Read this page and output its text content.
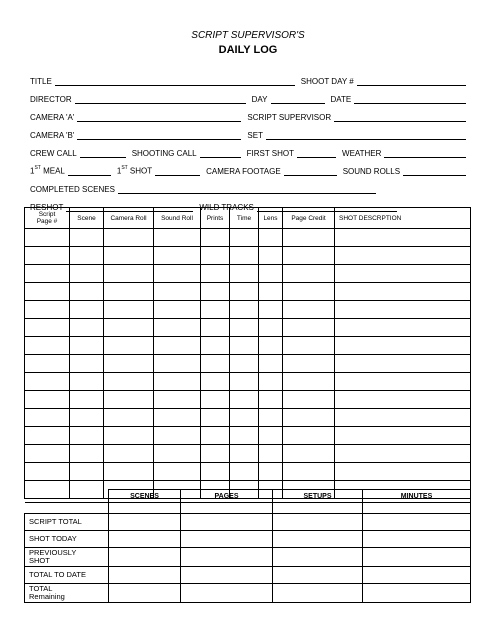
SCRIPT SUPERVISOR'S
DAILY LOG
TITLE	SHOOT DAY #
DIRECTOR	DAY	DATE
CAMERA 'A'	SCRIPT SUPERVISOR
CAMERA 'B'	SET
CREW CALL	SHOOTING CALL	FIRST SHOT	WEATHER
1ST MEAL	1ST SHOT	CAMERA FOOTAGE	SOUND ROLLS
COMPLETED SCENES
RESHOT	WILD TRACKS
Script
Page #	Scene	Camera Roll	Sound Roll	Prints	Time	Lens	Page Credit	SHOT DESCRPTION

	SCENES	PAGES	SETUPS	MINUTES

SCRIPT TOTAL				
SHOT TODAY				
PREVIOUSLY
SHOT				
TOTAL TO DATE				
TOTAL
Remaining				
